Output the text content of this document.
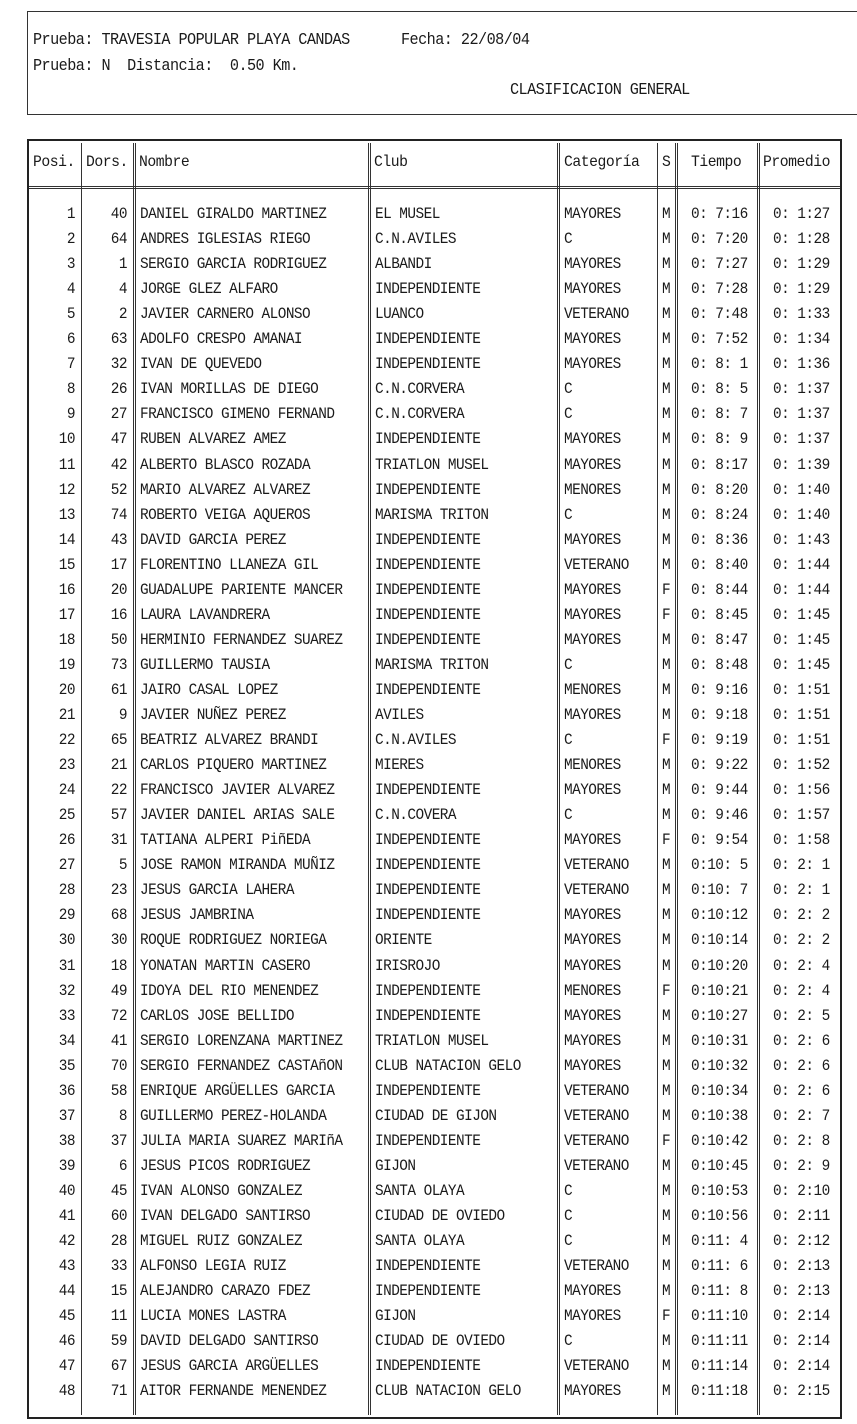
Prueba: TRAVESIA POPULAR PLAYA CANDAS	Fecha: 22/08/04
Prueba: N Distancia: 0.50 Km.
CLASIFICACION GENERAL
Posi. Dors. Nombre	Club	Categoría S Tiempo Promedio
1	40 DANIEL GIRALDO MARTINEZ	EL MUSEL	MAYORES	M 0: 7:16 0: 1:27
2	64 ANDRES IGLESIAS RIEGO	C.N.AVILES	C	M 0: 7:20 0: 1:28
3	1 SERGIO GARCIA RODRIGUEZ	ALBANDI	MAYORES	M 0: 7:27 0: 1:29
4	4 JORGE GLEZ ALFARO	INDEPENDIENTE	MAYORES	M 0: 7:28 0: 1:29
5	2 JAVIER CARNERO ALONSO	LUANCO	VETERANO M 0: 7:48 0: 1:33
6	63 ADOLFO CRESPO AMANAI	INDEPENDIENTE	MAYORES	M 0: 7:52 0: 1:34
7	32 IVAN DE QUEVEDO	INDEPENDIENTE	MAYORES	M 0: 8: 1 0: 1:36
8	26 IVAN MORILLAS DE DIEGO	C.N.CORVERA	C	M 0: 8: 5 0: 1:37
9	27 FRANCISCO GIMENO FERNAND	C.N.CORVERA	C	M 0: 8: 7 0: 1:37
10	47 RUBEN ALVAREZ AMEZ	INDEPENDIENTE	MAYORES	M 0: 8: 9 0: 1:37
11	42 ALBERTO BLASCO ROZADA	TRIATLON MUSEL	MAYORES	M 0: 8:17 0: 1:39
12	52 MARIO ALVAREZ ALVAREZ	INDEPENDIENTE	MENORES	M 0: 8:20 0: 1:40
13	74 ROBERTO VEIGA AQUEROS	MARISMA TRITON	C	M 0: 8:24 0: 1:40
14	43 DAVID GARCIA PEREZ	INDEPENDIENTE	MAYORES	M 0: 8:36 0: 1:43
15	17 FLORENTINO LLANEZA GIL	INDEPENDIENTE	VETERANO M 0: 8:40 0: 1:44
16	20 GUADALUPE PARIENTE MANCER INDEPENDIENTE	MAYORES	F 0: 8:44 0: 1:44
17	16 LAURA LAVANDRERA	INDEPENDIENTE	MAYORES	F 0: 8:45 0: 1:45
18	50 HERMINIO FERNANDEZ SUAREZ INDEPENDIENTE	MAYORES	M 0: 8:47 0: 1:45
19	73 GUILLERMO TAUSIA	MARISMA TRITON	C	M 0: 8:48 0: 1:45
20	61 JAIRO CASAL LOPEZ	INDEPENDIENTE	MENORES	M 0: 9:16 0: 1:51
21	9 JAVIER NUÑEZ PEREZ	AVILES	MAYORES	M 0: 9:18 0: 1:51
22	65 BEATRIZ ALVAREZ BRANDI	C.N.AVILES	C	F 0: 9:19 0: 1:51
23	21 CARLOS PIQUERO MARTINEZ	MIERES	MENORES	M 0: 9:22 0: 1:52
24	22 FRANCISCO JAVIER ALVAREZ	INDEPENDIENTE	MAYORES	M 0: 9:44 0: 1:56
25	57 JAVIER DANIEL ARIAS SALE	C.N.COVERA	C	M 0: 9:46 0: 1:57
26	31 TATIANA ALPERI PiñEDA	INDEPENDIENTE	MAYORES	F 0: 9:54 0: 1:58
27	5 JOSE RAMON MIRANDA MUÑIZ	INDEPENDIENTE	VETERANO M 0:10: 5 0: 2: 1
28	23 JESUS GARCIA LAHERA	INDEPENDIENTE	VETERANO M 0:10: 7 0: 2: 1
29	68 JESUS JAMBRINA	INDEPENDIENTE	MAYORES	M 0:10:12 0: 2: 2
30	30 ROQUE RODRIGUEZ NORIEGA	ORIENTE	MAYORES	M 0:10:14 0: 2: 2
31	18 YONATAN MARTIN CASERO	IRISROJO	MAYORES	M 0:10:20 0: 2: 4
32	49 IDOYA DEL RIO MENENDEZ	INDEPENDIENTE	MENORES	F 0:10:21 0: 2: 4
33	72 CARLOS JOSE BELLIDO	INDEPENDIENTE	MAYORES	M 0:10:27 0: 2: 5
34	41 SERGIO LORENZANA MARTINEZ TRIATLON MUSEL	MAYORES	M 0:10:31 0: 2: 6
35	70 SERGIO FERNANDEZ CASTAñON CLUB NATACION GELO	MAYORES	M 0:10:32 0: 2: 6
36	58 ENRIQUE ARGÜELLES GARCIA	INDEPENDIENTE	VETERANO M 0:10:34 0: 2: 6
37	8 GUILLERMO PEREZ-HOLANDA	CIUDAD DE GIJON	VETERANO M 0:10:38 0: 2: 7
38	37 JULIA MARIA SUAREZ MARIñA INDEPENDIENTE	VETERANO F 0:10:42 0: 2: 8
39	6 JESUS PICOS RODRIGUEZ	GIJON	VETERANO M 0:10:45 0: 2: 9
40	45 IVAN ALONSO GONZALEZ	SANTA OLAYA	C	M 0:10:53 0: 2:10
41	60 IVAN DELGADO SANTIRSO	CIUDAD DE OVIEDO	C	M 0:10:56 0: 2:11
42	28 MIGUEL RUIZ GONZALEZ	SANTA OLAYA	C	M 0:11: 4 0: 2:12
43	33 ALFONSO LEGIA RUIZ	INDEPENDIENTE	VETERANO M 0:11: 6 0: 2:13
44	15 ALEJANDRO CARAZO FDEZ	INDEPENDIENTE	MAYORES	M 0:11: 8 0: 2:13
45	11 LUCIA MONES LASTRA	GIJON	MAYORES	F 0:11:10 0: 2:14
46	59 DAVID DELGADO SANTIRSO	CIUDAD DE OVIEDO	C	M 0:11:11 0: 2:14
47	67 JESUS GARCIA ARGÜELLES	INDEPENDIENTE	VETERANO M 0:11:14 0: 2:14
48	71 AITOR FERNANDE MENENDEZ	CLUB NATACION GELO	MAYORES	M 0:11:18 0: 2:15
